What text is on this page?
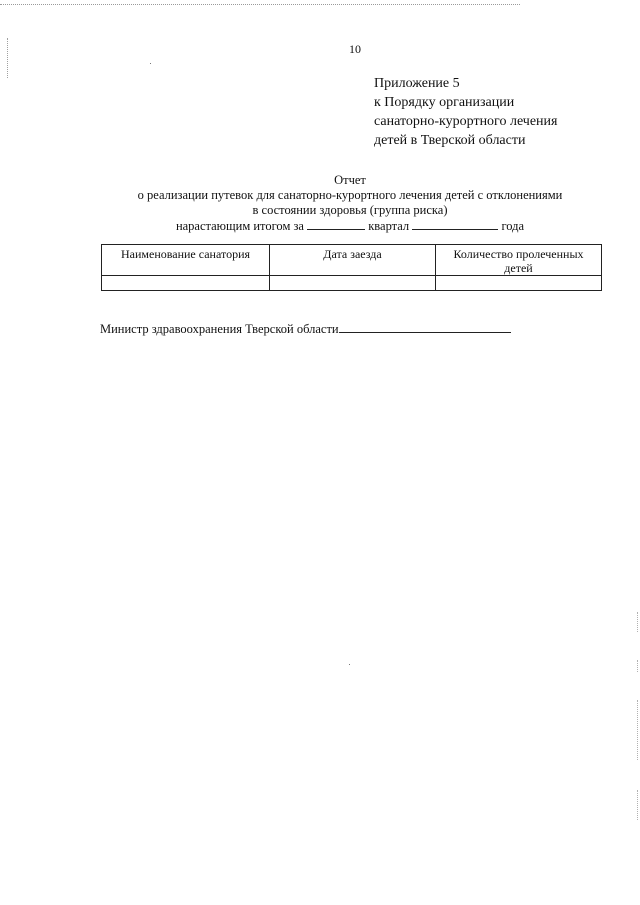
10
Приложение 5
к Порядку организации
санаторно-курортного лечения
детей в Тверской области
Отчет
о реализации путевок для санаторно-курортного лечения детей с отклонениями
в состоянии здоровья (группа риска)
нарастающим итогом за	квартал	года
Наименование санатория	Дата заезда	Количество пролеченных детей

Министр здравоохранения Тверской области
